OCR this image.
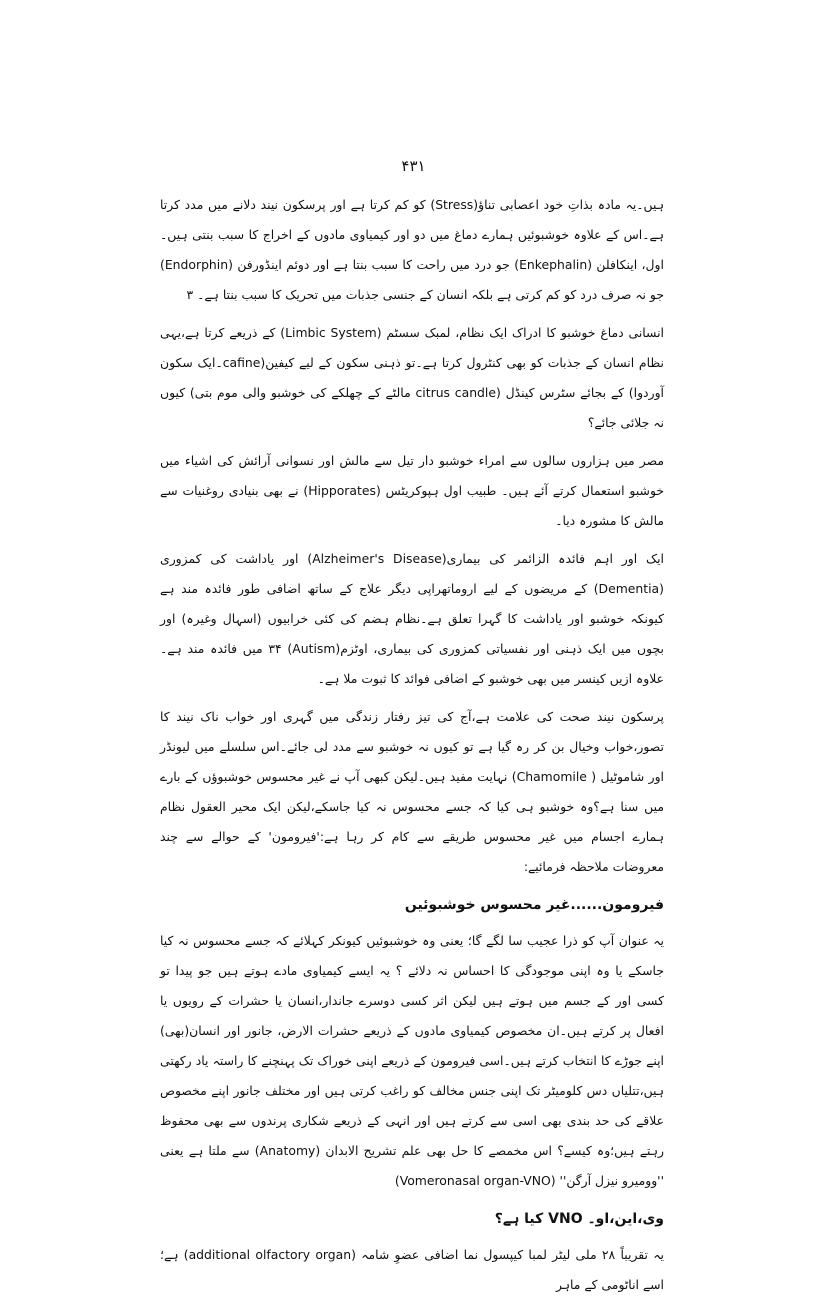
۴۳۱

ہیں۔یہ مادہ بذاتِ خود اعصابی تناؤ(Stress) کو کم کرتا ہے اور پرسکون نیند دلانے میں مدد کرتا ہے۔اس کے علاوہ خوشبوئیں ہمارے دماغ میں دو اور کیمیاوی مادوں کے اخراج کا سبب بنتی ہیں۔ اول، اینکافلن (Enkephalin) جو درد میں راحت کا سبب بنتا ہے اور دوئم اینڈورفن (Endorphin) جو نہ صرف درد کو کم کرتی ہے بلکہ انسان کے جنسی جذبات میں تحریک کا سبب بنتا ہے۔ ۳

انسانی دماغ خوشبو کا ادراک ایک نظام، لمبک سسٹم (Limbic System) کے ذریعے کرتا ہے،یہی نظام انسان کے جذبات کو بھی کنٹرول کرتا ہے۔تو ذہنی سکون کے لیے کیفین(cafine۔ایک سکون آوردوا) کے بجائے سٹرس کینڈل (citrus candle مالٹے کے چھلکے کی خوشبو والی موم بتی) کیوں نہ جلائی جائے؟

مصر میں ہزاروں سالوں سے امراء خوشبو دار تیل سے مالش اور نسوانی آرائش کی اشیاء میں خوشبو استعمال کرتے آئے ہیں۔ طبیب اول ہپوکریٹس (Hipporates) نے بھی بنیادی روغنیات سے مالش کا مشورہ دیا۔

ایک اور اہم فائدہ الزائمر کی بیماری(Alzheimer's Disease) اور یاداشت کی کمزوری (Dementia) کے مریضوں کے لیے اروماتھراپی دیگر علاج کے ساتھ اضافی طور فائدہ مند ہے کیونکہ خوشبو اور یاداشت کا گہرا تعلق ہے۔نظام ہضم کی کئی خرابیوں (اسہال وغیرہ) اور بچوں میں ایک ذہنی اور نفسیاتی کمزوری کی بیماری، اوٹزم(Autism) ۳۴ میں فائدہ مند ہے۔ علاوہ ازیں کینسر میں بھی خوشبو کے اضافی فوائد کا ثبوت ملا ہے۔

پرسکون نیند صحت کی علامت ہے،آج کی تیز رفتار زندگی میں گہری اور خواب ناک نیند کا تصور،خواب وخیال بن کر رہ گیا ہے تو کیوں نہ خوشبو سے مدد لی جائے۔اس سلسلے میں لیونڈر اور شاموٹیل ( Chamomile) نہایت مفید ہیں۔لیکن کبھی آپ نے غیر محسوس خوشبوؤں کے بارے میں سنا ہے؟وہ خوشبو ہی کیا کہ جسے محسوس نہ کیا جاسکے،لیکن ایک محیر العقول نظام ہمارے اجسام میں غیر محسوس طریقے سے کام کر رہا ہے:'فیرومون' کے حوالے سے چند معروضات ملاحظہ فرمائیے:

فیرومون......غیر محسوس خوشبوئیں

یہ عنوان آپ کو ذرا عجیب سا لگے گا؛ یعنی وہ خوشبوئیں کیونکر کہلائے کہ جسے محسوس نہ کیا جاسکے یا وہ اپنی موجودگی کا احساس نہ دلائے ؟ یہ ایسے کیمیاوی مادے ہوتے ہیں جو پیدا تو کسی اور کے جسم میں ہوتے ہیں لیکن اثر کسی دوسرے جاندار،انسان یا حشرات کے رویوں یا افعال پر کرتے ہیں۔ان مخصوص کیمیاوی مادوں کے ذریعے حشرات الارض، جانور اور انسان(بھی) اپنے جوڑے کا انتخاب کرتے ہیں۔اسی فیرومون کے ذریعے اپنی خوراک تک پہنچنے کا راستہ یاد رکھتی ہیں،تتلیاں دس کلومیٹر تک اپنی جنس مخالف کو راغب کرتی ہیں اور مختلف جانور اپنے مخصوص علاقے کی حد بندی بھی اسی سے کرتے ہیں اور انہی کے ذریعے شکاری پرندوں سے بھی محفوظ رہتے ہیں؛وہ کیسے؟ اس مخمصے کا حل بھی علم تشریح الابدان (Anatomy) سے ملتا ہے یعنی ''وومیرو نیزل آرگن'' (Vomeronasal organ-VNO)

وی،این،او۔ VNO کیا ہے؟

یہ تقریباً ۲۸ ملی لیٹر لمبا کیپسول نما اضافی عضوِ شامہ (additional olfactory organ) ہے؛ اسے اناٹومی کے ماہر
